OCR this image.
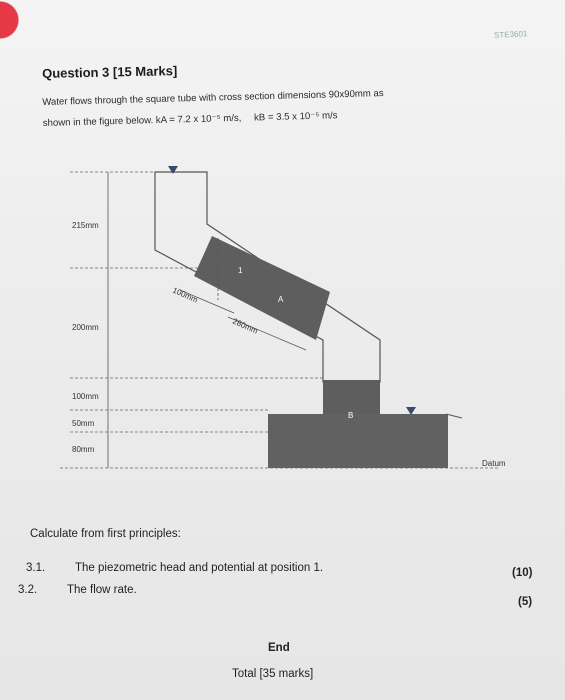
STE3601
Question 3 [15 Marks]
Water flows through the square tube with cross section dimensions 90x90mm as
shown in the figure below. kA = 7.2 x 10⁻⁵ m/s, kB = 3.5 x 10⁻⁵ m/s
215mm
200mm
100mm
50mm
80mm
100mm
280mm
1
A
B
Datum
Calculate from first principles:
3.1.	The piezometric head and potential at position 1.	(10)
3.2.	The flow rate.
(5)
End
Total [35 marks]
